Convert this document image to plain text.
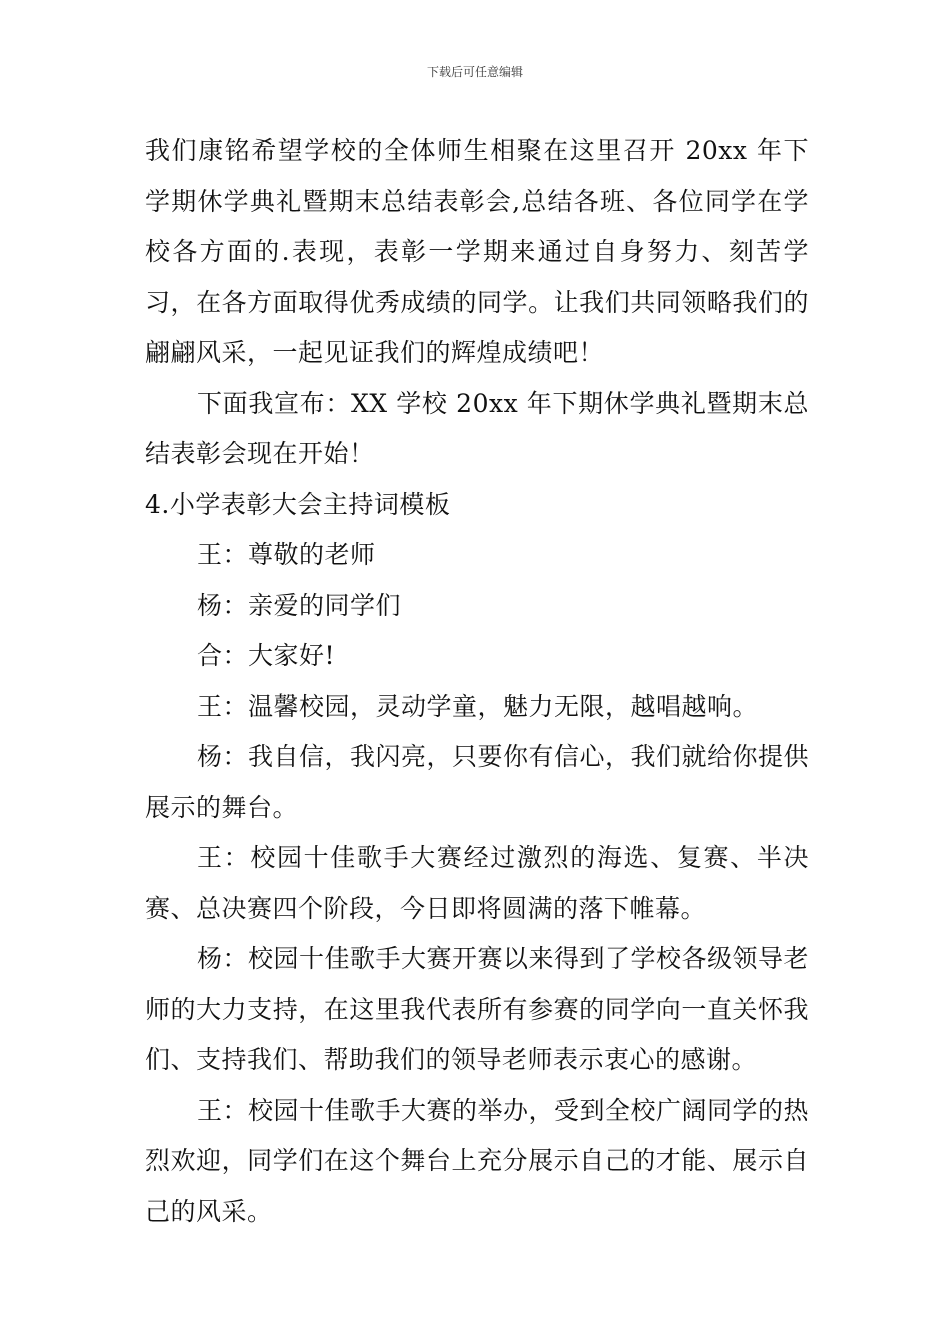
下载后可任意编辑

我们康铭希望学校的全体师生相聚在这里召开 20xx 年下学期休学典礼暨期末总结表彰会,总结各班、各位同学在学校各方面的.表现，表彰一学期来通过自身努力、刻苦学习，在各方面取得优秀成绩的同学。让我们共同领略我们的翩翩风采，一起见证我们的辉煌成绩吧！

下面我宣布：XX 学校 20xx 年下期休学典礼暨期末总结表彰会现在开始！

4.小学表彰大会主持词模板

王：尊敬的老师

杨：亲爱的同学们

合：大家好!

王：温馨校园，灵动学童，魅力无限，越唱越响。

杨：我自信，我闪亮，只要你有信心，我们就给你提供展示的舞台。

王：校园十佳歌手大赛经过激烈的海选、复赛、半决赛、总决赛四个阶段，今日即将圆满的落下帷幕。

杨：校园十佳歌手大赛开赛以来得到了学校各级领导老师的大力支持，在这里我代表所有参赛的同学向一直关怀我们、支持我们、帮助我们的领导老师表示衷心的感谢。

王：校园十佳歌手大赛的举办，受到全校广阔同学的热烈欢迎，同学们在这个舞台上充分展示自己的才能、展示自己的风采。
